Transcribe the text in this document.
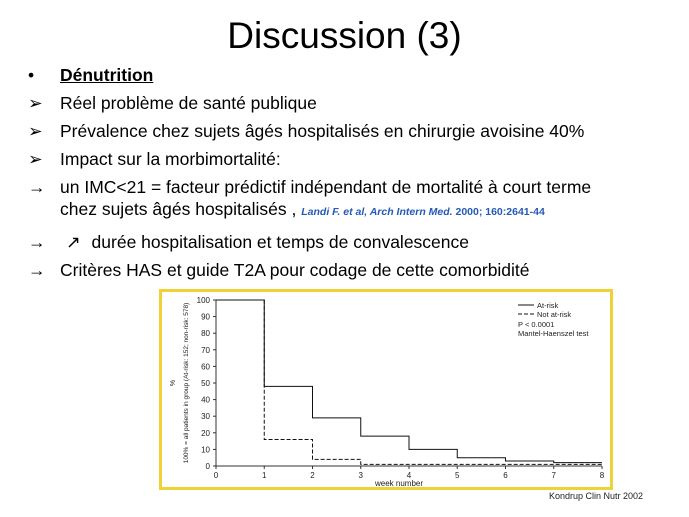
Discussion (3)
•	Dénutrition
➢ Réel problème de santé publique
➢ Prévalence chez sujets âgés hospitalisés en chirurgie avoisine 40%
➢ Impact sur la morbimortalité:
→ un IMC<21 = facteur prédictif indépendant de mortalité à court terme
chez sujets âgés hospitalisés , Landi F. et al, Arch Intern Med. 2000; 160:2641-44
→	↗ durée hospitalisation et temps de convalescence
→ Critères HAS et guide T2A pour codage de cette comorbidité
0
10
20
30
40
50
60
70
80
90
100
0	1	2	3	4	5	6	7	8
week number
% 100% = all patients in group (At-risk: 152; non-risk: 578)	At-risk
Not at-risk
P < 0.0001
Mantel-Haenszel test
Kondrup Clin Nutr 2002
